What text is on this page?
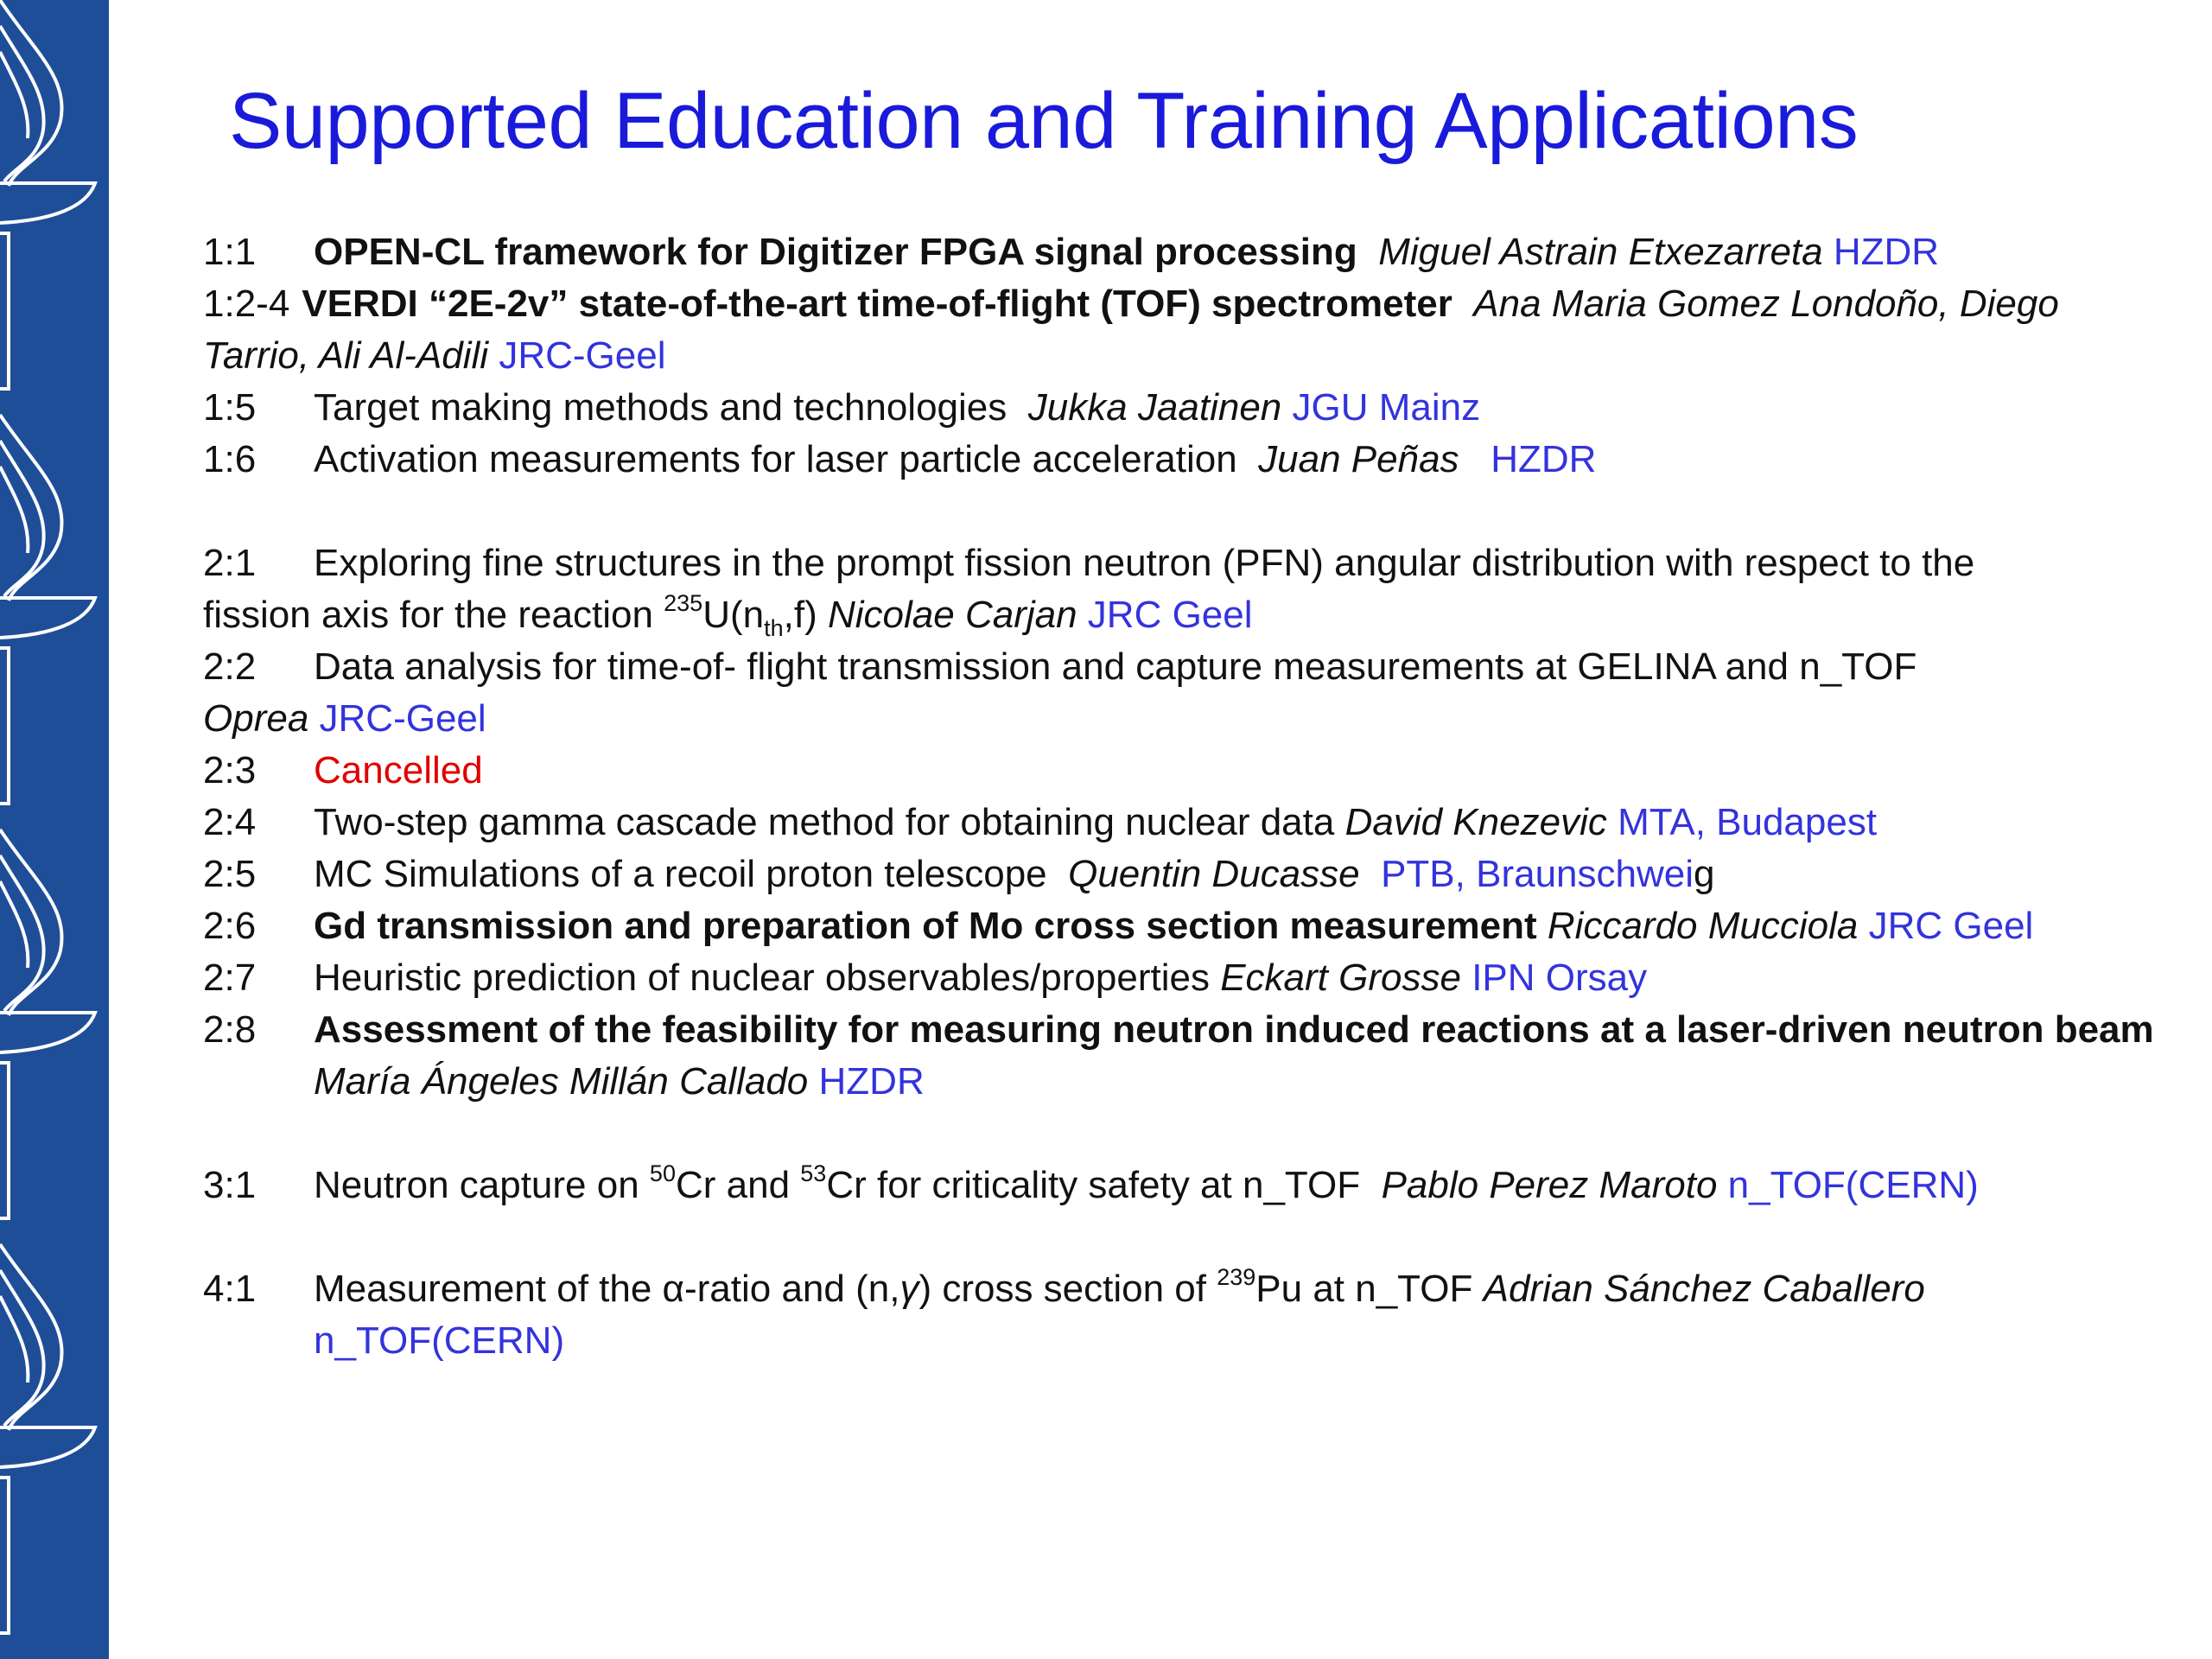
Supported Education and Training Applications
1:1 OPEN-CL framework for Digitizer FPGA signal processing Miguel Astrain Etxezarreta HZDR
1:2-4 VERDI “2E-2v” state-of-the-art time-of-flight (TOF) spectrometer Ana Maria Gomez Londoño, Diego
Tarrio, Ali Al-Adili JRC-Geel
1:5 Target making methods and technologies Jukka Jaatinen JGU Mainz
1:6 Activation measurements for laser particle acceleration Juan Peñas HZDR
2:1 Exploring fine structures in the prompt fission neutron (PFN) angular distribution with respect to the
fission axis for the reaction $^{235}U(n_{th},f)$ Nicolae Carjan JRC Geel
2:2 Data analysis for time-of- flight transmission and capture measurements at GELINA and n_TOF
Oprea JRC-Geel
2:3 Cancelled
2:4 Two-step gamma cascade method for obtaining nuclear data David Knezevic MTA, Budapest
2:5 MC Simulations of a recoil proton telescope Quentin Ducasse PTB, Braunschweig
2:6 Gd transmission and preparation of Mo cross section measurement Riccardo Mucciola JRC Geel
2:7 Heuristic prediction of nuclear observables/properties Eckart Grosse IPN Orsay
2:8 Assessment of the feasibility for measuring neutron induced reactions at a laser-driven neutron beam
María Ángeles Millán Callado HZDR
3:1 Neutron capture on $^{50}$Cr and $^{53}$Cr for criticality safety at n_TOF Pablo Perez Maroto n_TOF(CERN)
4:1 Measurement of the α-ratio and (n,γ) cross section of $^{239}$Pu at n_TOF Adrian Sánchez Caballero
n_TOF(CERN)
